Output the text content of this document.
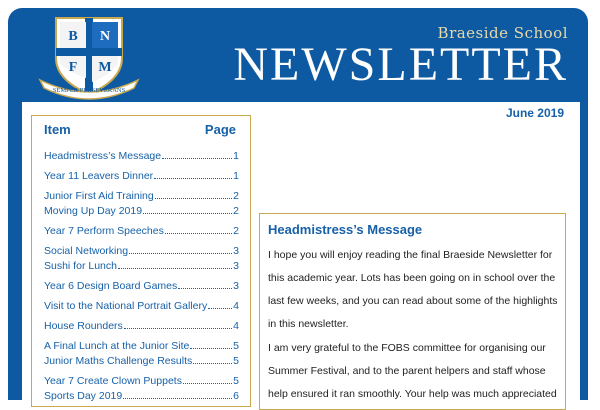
B N
F M
SEMPER PERSEVERANS
Braeside School
NEWSLETTER
June 2019
Item	Page
Headmistress’s Message	1
Year 11 Leavers Dinner	1
Junior First Aid Training	2
Moving Up Day 2019	2
Year 7 Perform Speeches	2
Social Networking	3
Sushi for Lunch	3
Year 6 Design Board Games	3
Visit to the National Portrait Gallery 4
House Rounders	4
A Final Lunch at the Junior Site	5
Junior Maths Challenge Results	5
Year 7 Create Clown Puppets	5
Sports Day 2019	6
Headmistress’s Message

I hope you will enjoy reading the final Braeside Newsletter for this academic year. Lots has been going on in school over the last few weeks, and you can read about some of the highlights in this newsletter.

I am very grateful to the FOBS committee for organising our Summer Festival, and to the parent helpers and staff whose help ensured it ran smoothly. Your help was much appreciated
